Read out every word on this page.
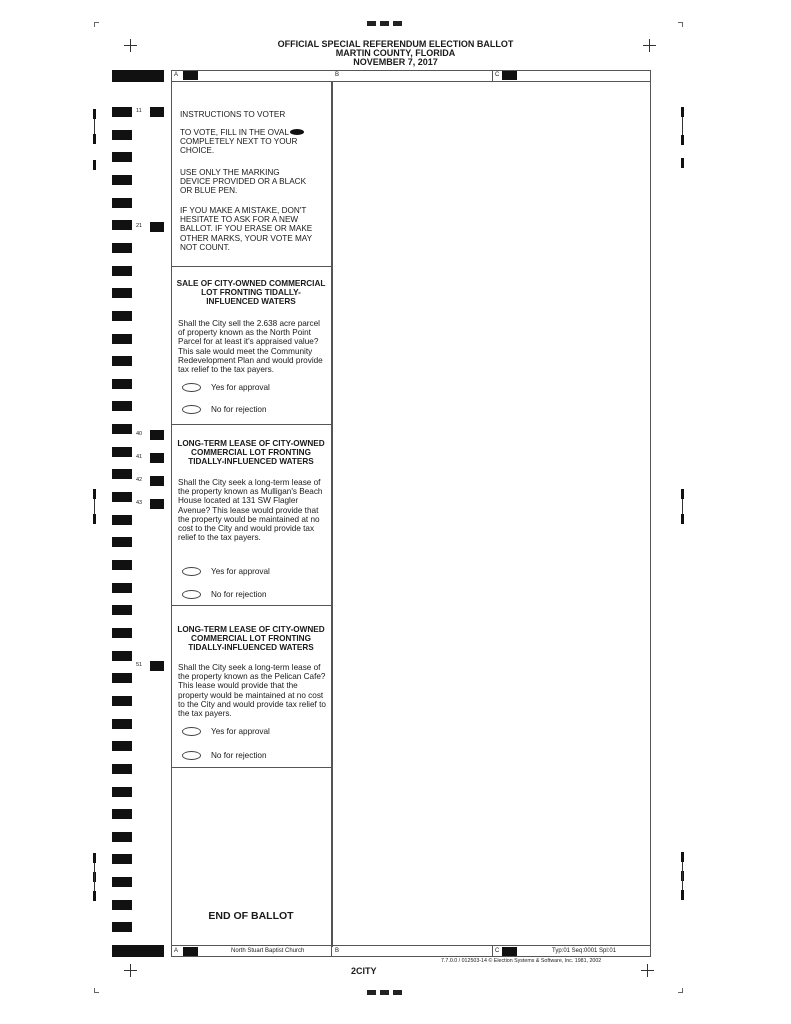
OFFICIAL SPECIAL REFERENDUM ELECTION BALLOT
MARTIN COUNTY, FLORIDA
NOVEMBER 7, 2017
A	B	C
11
21
40
41
42
43
51
INSTRUCTIONS TO VOTER
TO VOTE, FILL IN THE OVAL COMPLETELY NEXT TO YOUR CHOICE.
USE ONLY THE MARKING DEVICE PROVIDED OR A BLACK OR BLUE PEN.
IF YOU MAKE A MISTAKE, DON'T HESITATE TO ASK FOR A NEW BALLOT. IF YOU ERASE OR MAKE OTHER MARKS, YOUR VOTE MAY NOT COUNT.
SALE OF CITY-OWNED COMMERCIAL LOT FRONTING TIDALLY-INFLUENCED WATERS
Shall the City sell the 2.638 acre parcel of property known as the North Point Parcel for at least it's appraised value? This sale would meet the Community Redevelopment Plan and would provide tax relief to the tax payers.
Yes for approval
No for rejection
LONG-TERM LEASE OF CITY-OWNED COMMERCIAL LOT FRONTING TIDALLY-INFLUENCED WATERS
Shall the City seek a long-term lease of the property known as Mulligan's Beach House located at 131 SW Flagler Avenue? This lease would provide that the property would be maintained at no cost to the City and would provide tax relief to the tax payers.
Yes for approval
No for rejection
LONG-TERM LEASE OF CITY-OWNED COMMERCIAL LOT FRONTING TIDALLY-INFLUENCED WATERS
Shall the City seek a long-term lease of the property known as the Pelican Cafe? This lease would provide that the property would be maintained at no cost to the City and would provide tax relief to the tax payers.
Yes for approval
No for rejection
END OF BALLOT
A	North Stuart Baptist Church	B	C	Typ:01 Seq:0001 Spl:01
7.7.0.0 / 012503-14 © Election Systems & Software, Inc. 1981, 2002
2CITY
